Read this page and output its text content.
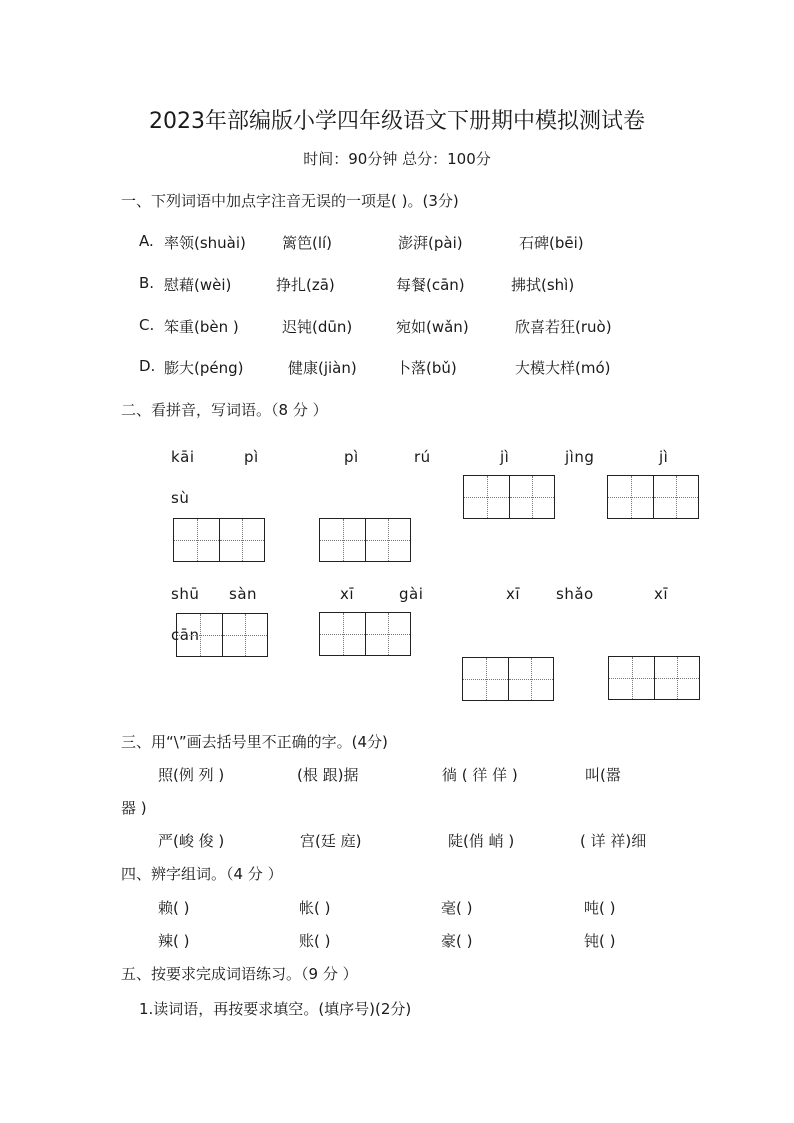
2023年部编版小学四年级语文下册期中模拟测试卷
时间：90分钟 总分：100分
一、下列词语中加点字注音无误的一项是( )。(3分)
A. 率领(shuài) 篱笆(lí)	澎湃(pài)	石碑(bēi)
B. 慰藉(wèi)	挣扎(zā)	每餐(cān)	拂拭(shì)
C. 笨重(bèn )	迟钝(dūn)	宛如(wǎn)	欣喜若狂(ruò)
D. 膨大(péng)	健康(jiàn)	卜落(bǔ)	大模大样(mó)
二、看拼音，写词语。（8 分 ）
kāi	pì	pì	rú	jì	jìng	jì
sù
shū sàn	xī	gài	xī shǎo	xī
cān
三、用“\”画去括号里不正确的字。(4分)
照(例 列 )	(根 跟)据	徜 ( 徉 佯 )	叫(嚣
器 )
严(峻 俊 )	宫(廷 庭)	陡(俏 峭 )	( 详 祥)细
四、辨字组词。（4 分 ）
赖( )	帐( )	毫( )	吨( )
辣( )	账( )	豪( )	钝( )
五、按要求完成词语练习。（9 分 ）
1.读词语，再按要求填空。(填序号)(2分)
